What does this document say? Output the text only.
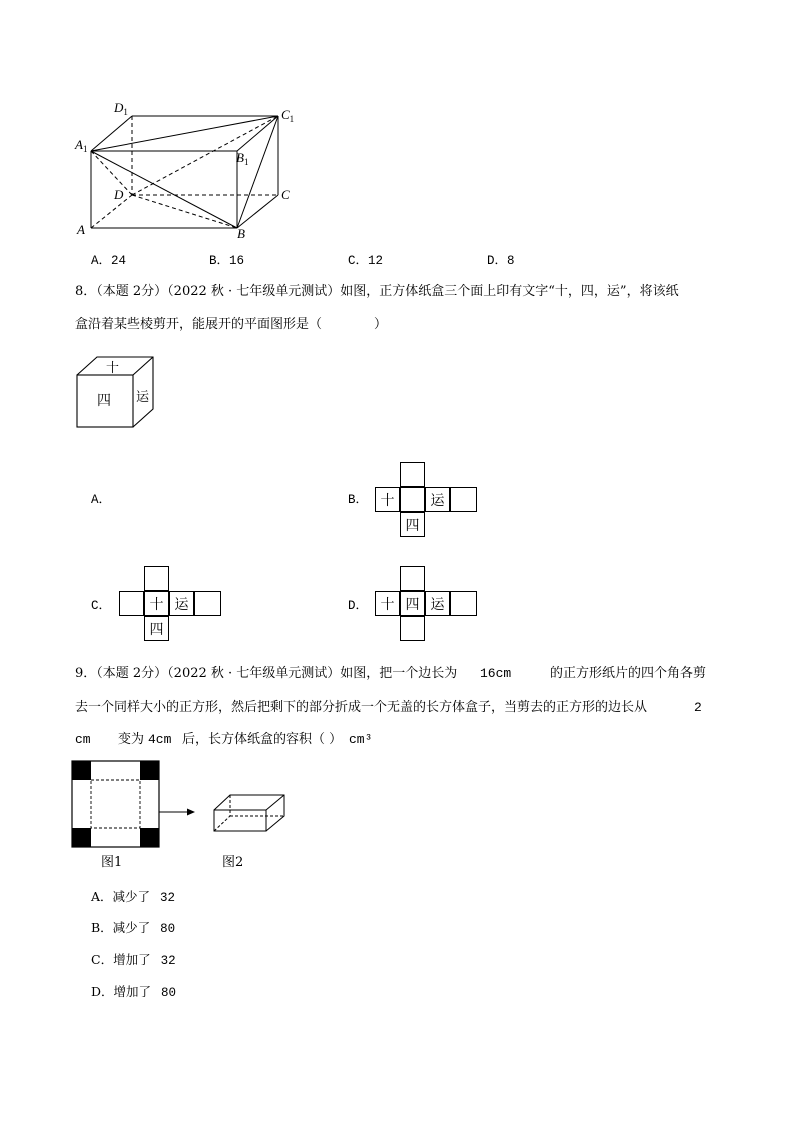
$D_1$	$C_1$
$A_1$
$B_1$
D	C
A	B
A．24	B．16	C．12	D．8
8．（本题 2分）（2022 秋 · 七年级单元测试）如图，正方体纸盒三个面上印有文字“十，四，运”，将该纸
盒沿着某些棱剪开，能展开的平面图形是（　　　　）
十
四 运
A．	B．
C．	D．
十	运
四
十 运
四
十 四 运
9．（本题 2分）（2022 秋 · 七年级单元测试）如图，把一个边长为 16cm	的正方形纸片的四个角各剪
去一个同样大小的正方形，然后把剩下的部分折成一个无盖的长方体盒子，当剪去的正方形的边长从	2
cm 变为 4cm 后，长方体纸盒的容积（ ） cm³
图1	图2
A．减少了 32
B．减少了 80
C．增加了 32
D．增加了 80
